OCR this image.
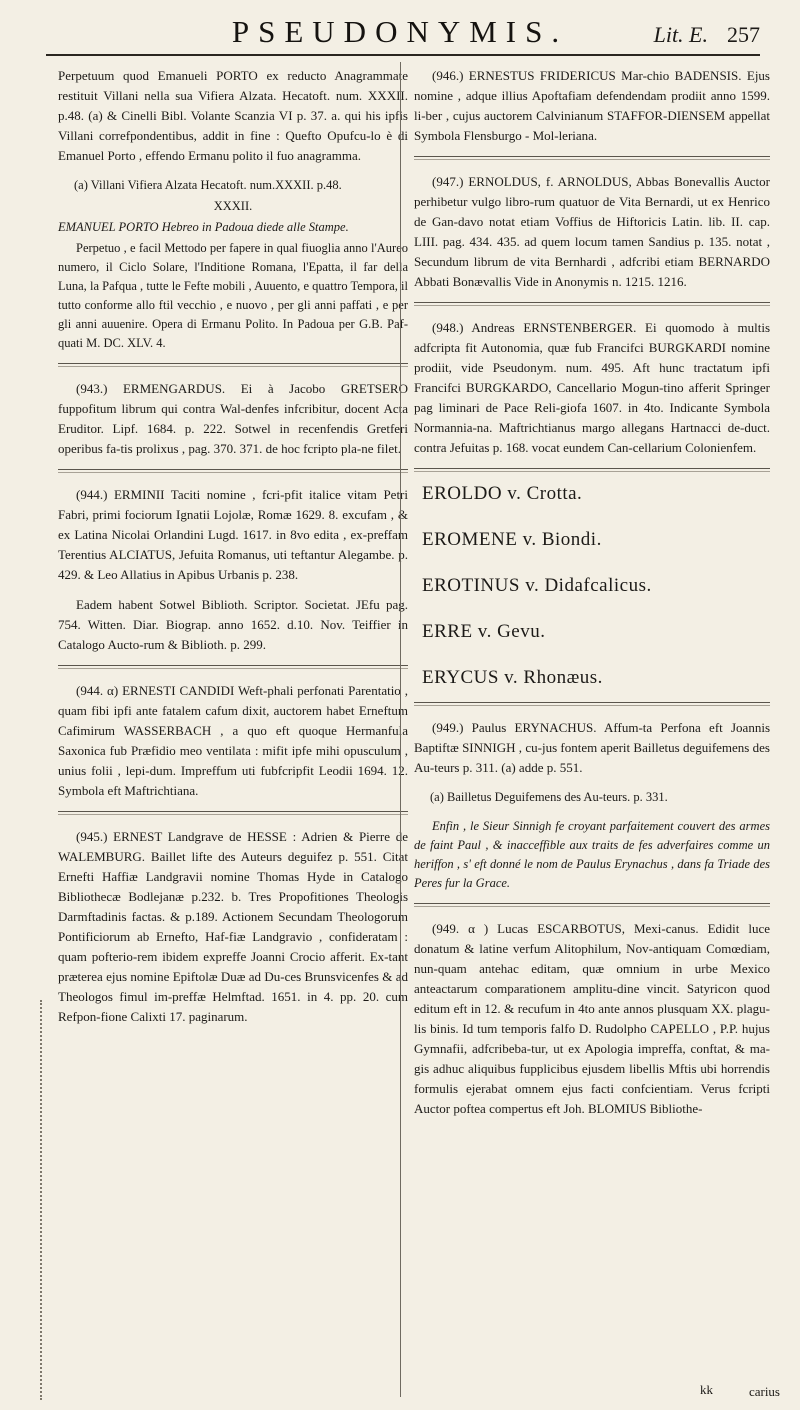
PSEUDONYMIS.	Lit. E. 257

Perpetuum quod Emanueli PORTO ex reducto Anagrammate restituit Villani nella sua Vifiera Alzata. Hecatoft. num. XXXII. p.48. (a) & Cinelli Bibl. Volante Scanzia VI p. 37. a. qui his ipfis Villani correfpondentibus, addit in fine : Quefto Opufcu-lo è di Emanuel Porto , effendo Ermanu polito il fuo anagramma.

(a) Villani Vifiera Alzata Hecatoft. num.XXXII. p.48.

XXXII.

EMANUEL PORTO Hebreo in Padoua diede alle Stampe.

Perpetuo , e facil Mettodo per fapere in qual fiuoglia anno l'Aureo numero, il Ciclo Solare, l'Inditione Romana, l'Epatta, il far della Luna, la Pafqua , tutte le Fefte mobili , Auuento, e quattro Tempora, il tutto conforme allo ftil vecchio , e nuovo , per gli anni paffati , e per gli anni auuenire. Opera di Ermanu Polito. In Padoua per G.B. Paf-quati M. DC. XLV. 4.

(943.) ERMENGARDUS. Ei à Jacobo GRETSERO fuppofitum librum qui contra Wal-denfes infcribitur, docent Acta Eruditor. Lipf. 1684. p. 222. Sotwel in recenfendis Gretferi operibus fa-tis prolixus , pag. 370. 371. de hoc fcripto pla-ne filet.

(944.) ERMINII Taciti nomine , fcri-pfit italice vitam Petri Fabri, primi fociorum Ignatii Lojolæ, Romæ 1629. 8. excufam , & ex Latina Nicolai Orlandini Lugd. 1617. in 8vo edita , ex-preffam Terentius ALCIATUS, Jefuita Romanus, uti teftantur Alegambe. p. 429. & Leo Allatius in Apibus Urbanis p. 238.

Eadem habent Sotwel Biblioth. Scriptor. Societat. JEfu pag. 754. Witten. Diar. Biograp. anno 1652. d.10. Nov. Teiffier in Catalogo Aucto-rum & Biblioth. p. 299.

(944. α) ERNESTI CANDIDI Weft-phali perfonati Parentatio , quam fibi ipfi ante fatalem cafum dixit, auctorem habet Erneftum Cafimirum WASSERBACH , a quo eft quoque Hermanfula Saxonica fub Præfidio meo ventilata : mifit ipfe mihi opusculum , unius folii , lepi-dum. Impreffum uti fubfcripfit Leodii 1694. 12. Symbola eft Maftrichtiana.

(945.) ERNEST Landgrave de HESSE : Adrien & Pierre de WALEMBURG. Baillet lifte des Auteurs deguifez p. 551. Citat Ernefti Haffiæ Landgravii nomine Thomas Hyde in Catalogo Bibliothecæ Bodlejanæ p.232. b. Tres Propofitiones Theologis Darmftadinis factas. & p.189. Actionem Secundam Theologorum Pontificiorum ab Ernefto, Haf-fiæ Landgravio , confideratam : quam pofterio-rem ibidem expreffe Joanni Crocio afferit. Ex-tant præterea ejus nomine Epiftolæ Duæ ad Du-ces Brunsvicenfes & ad Theologos fimul im-preffæ Helmftad. 1651. in 4. pp. 20. cum Refpon-fione Calixti 17. paginarum.

(946.) ERNESTUS FRIDERICUS Mar-chio BADENSIS. Ejus nomine , adque illius Apoftafiam defendendam prodiit anno 1599. li-ber , cujus auctorem Calvinianum STAFFOR-DIENSEM appellat Symbola Flensburgo - Mol-leriana.

(947.) ERNOLDUS, f. ARNOLDUS, Abbas Bonevallis Auctor perhibetur vulgo libro-rum quatuor de Vita Bernardi, ut ex Henrico de Gan-davo notat etiam Voffius de Hiftoricis Latin. lib. II. cap. LIII. pag. 434. 435. ad quem locum tamen Sandius p. 135. notat , Secundum librum de vita Bernhardi , adfcribi etiam BERNARDO Abbati Bonævallis Vide in Anonymis n. 1215. 1216.

(948.) Andreas ERNSTENBERGER. Ei quomodo à multis adfcripta fit Autonomia, quæ fub Francifci BURGKARDI nomine prodiit, vide Pseudonym. num. 495. Aft hunc tractatum ipfi Francifci BURGKARDO, Cancellario Mogun-tino afferit Springer pag liminari de Pace Reli-giofa 1607. in 4to. Indicante Symbola Normannia-na. Maftrichtianus margo allegans Hartnacci de-duct. contra Jefuitas p. 168. vocat eundem Can-cellarium Colonienfem.

EROLDO v. Crotta.

EROMENE v. Biondi.

EROTINUS v. Didafcalicus.

ERRE v. Gevu.

ERYCUS v. Rhonæus.

(949.) Paulus ERYNACHUS. Affum-ta Perfona eft Joannis Baptiftæ SINNIGH , cu-jus fontem aperit Bailletus deguifemens des Au-teurs p. 311. (a) adde p. 551.

(a) Bailletus Deguifemens des Au-teurs. p. 331.

Enfin , le Sieur Sinnigh fe croyant parfaitement couvert des armes de faint Paul , & inacceffible aux traits de fes adverfaires comme un heriffon , s' eft donné le nom de Paulus Erynachus , dans fa Triade des Peres fur la Grace.

(949. α ) Lucas ESCARBOTUS, Mexi-canus. Edidit luce donatum & latine verfum Alitophilum, Nov-antiquam Comœdiam, nun-quam antehac editam, quæ omnium in urbe Mexico anteactarum comparationem amplitu-dine vincit. Satyricon quod editum eft in 12. & recufum in 4to ante annos plusquam XX. plagu-lis binis. Id tum temporis falfo D. Rudolpho CAPELLO , P.P. hujus Gymnafii, adfcribeba-tur, ut ex Apologia impreffa, conftat, & ma-gis adhuc aliquibus fupplicibus ejusdem libellis Mftis ubi horrendis formulis ejerabat omnem ejus facti confcientiam. Verus fcripti Auctor poftea compertus eft Joh. BLOMIUS Bibliothe-

kk	carius
